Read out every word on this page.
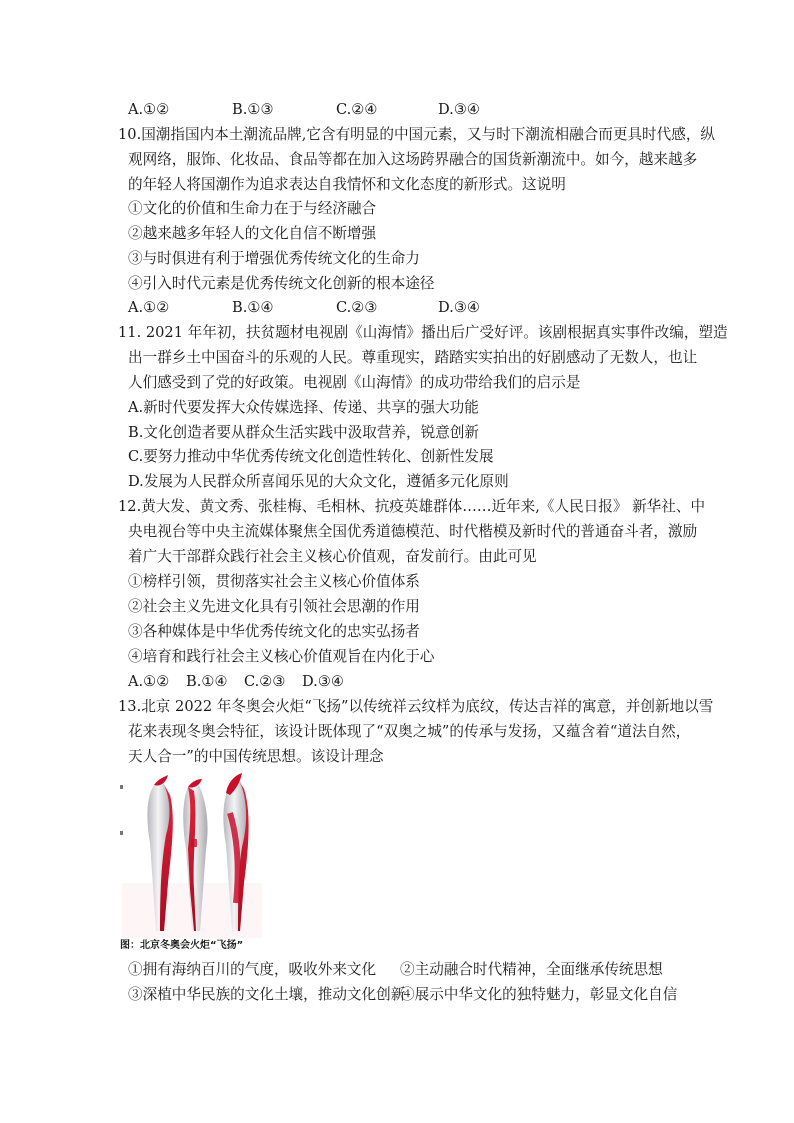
A.①②	B.①③	C.②④	D.③④
10.国潮指国内本土潮流品牌,它含有明显的中国元素，又与时下潮流相融合而更具时代感，纵
观网络，服饰、化妆品、食品等都在加入这场跨界融合的国货新潮流中。如今，越来越多
的年轻人将国潮作为追求表达自我情怀和文化态度的新形式。这说明
①文化的价值和生命力在于与经济融合
②越来越多年轻人的文化自信不断增强
③与时俱进有利于增强优秀传统文化的生命力
④引入时代元素是优秀传统文化创新的根本途径
A.①②	B.①④	C.②③	D.③④
11. 2021 年年初，扶贫题材电视剧《山海情》播出后广受好评。该剧根据真实事件改编，塑造
出一群乡土中国奋斗的乐观的人民。尊重现实，踏踏实实拍出的好剧感动了无数人，也让
人们感受到了党的好政策。电视剧《山海情》的成功带给我们的启示是
A.新时代要发挥大众传媒选择、传递、共享的强大功能
B.文化创造者要从群众生活实践中汲取营养，锐意创新
C.要努力推动中华优秀传统文化创造性转化、创新性发展
D.发展为人民群众所喜闻乐见的大众文化，遵循多元化原则
12.黄大发、黄文秀、张桂梅、毛相林、抗疫英雄群体……近年来,《人民日报》 新华社、中
央电视台等中央主流媒体聚焦全国优秀道德模范、时代楷模及新时代的普通奋斗者，激励
着广大干部群众践行社会主义核心价值观，奋发前行。由此可见
①榜样引领，贯彻落实社会主义核心价值体系
②社会主义先进文化具有引领社会思潮的作用
③各种媒体是中华优秀传统文化的忠实弘扬者
④培育和践行社会主义核心价值观旨在内化于心
A.①② B.①④ C.②③ D.③④
13.北京 2022 年冬奥会火炬“飞扬”以传统祥云纹样为底纹，传达吉祥的寓意，并创新地以雪
花来表现冬奥会特征，该设计既体现了“双奥之城”的传承与发扬，又蕴含着“道法自然，
天人合一”的中国传统思想。该设计理念
图：北京冬奥会火炬“飞扬”
①拥有海纳百川的气度，吸收外来文化 ②主动融合时代精神，全面继承传统思想
③深植中华民族的文化土壤，推动文化创新④展示中华文化的独特魅力，彰显文化自信
